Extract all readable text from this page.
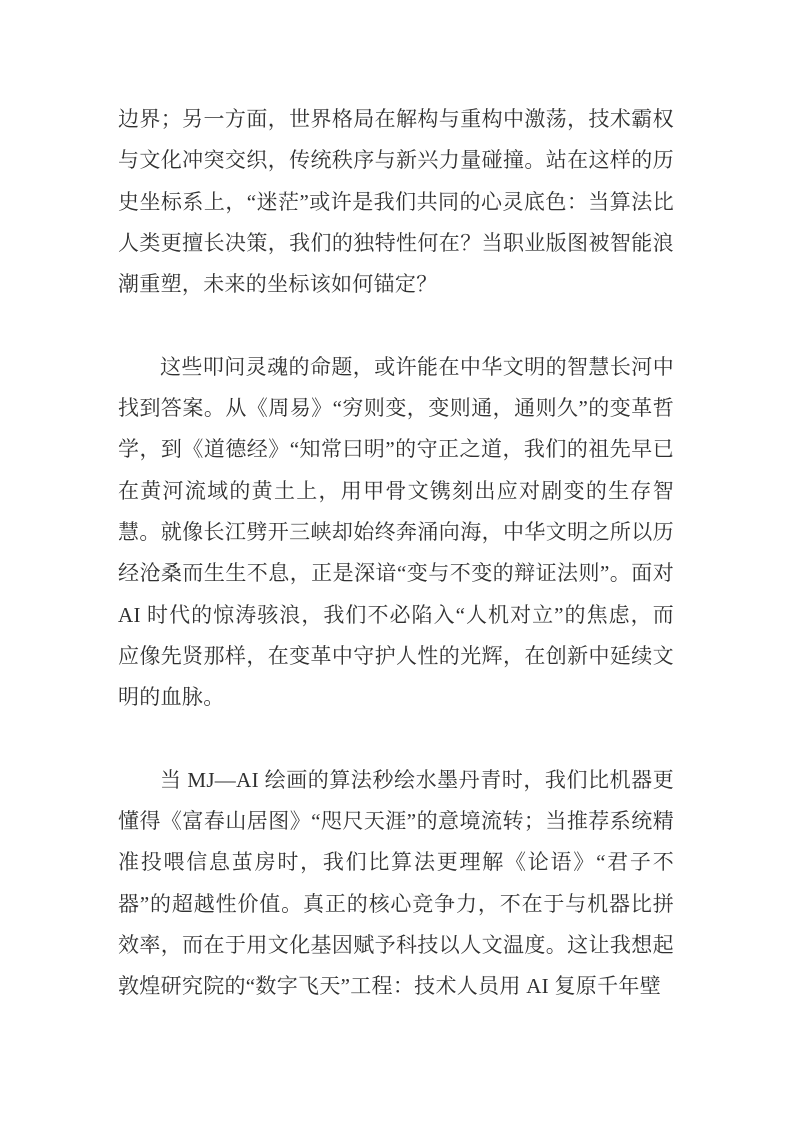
边界；另一方面，世界格局在解构与重构中激荡，技术霸权与文化冲突交织，传统秩序与新兴力量碰撞。站在这样的历史坐标系上，“迷茫”或许是我们共同的心灵底色：当算法比人类更擅长决策，我们的独特性何在？当职业版图被智能浪潮重塑，未来的坐标该如何锚定？

这些叩问灵魂的命题，或许能在中华文明的智慧长河中找到答案。从《周易》“穷则变，变则通，通则久”的变革哲学，到《道德经》“知常曰明”的守正之道，我们的祖先早已在黄河流域的黄土上，用甲骨文镌刻出应对剧变的生存智慧。就像长江劈开三峡却始终奔涌向海，中华文明之所以历经沧桑而生生不息，正是深谙“变与不变的辩证法则”。面对 AI 时代的惊涛骇浪，我们不必陷入“人机对立”的焦虑，而应像先贤那样，在变革中守护人性的光辉，在创新中延续文明的血脉。

当 MJ—AI 绘画的算法秒绘水墨丹青时，我们比机器更懂得《富春山居图》“咫尺天涯”的意境流转；当推荐系统精准投喂信息茧房时，我们比算法更理解《论语》“君子不器”的超越性价值。真正的核心竞争力，不在于与机器比拼效率，而在于用文化基因赋予科技以人文温度。这让我想起敦煌研究院的“数字飞天”工程：技术人员用 AI 复原千年壁
